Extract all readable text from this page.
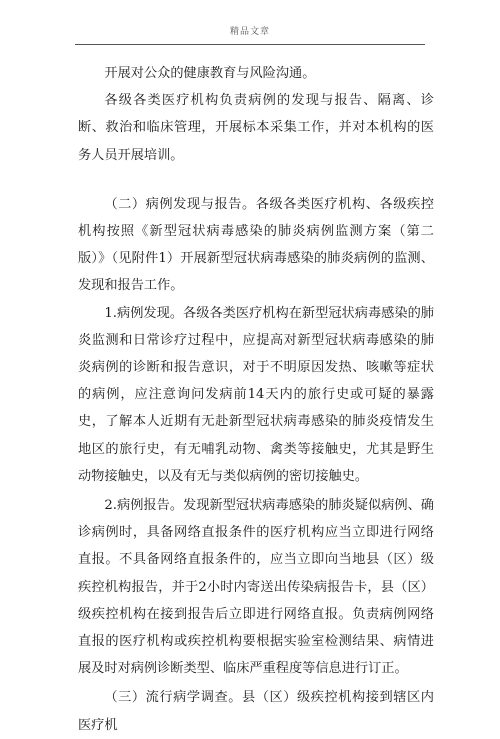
精品文章

开展对公众的健康教育与风险沟通。

各级各类医疗机构负责病例的发现与报告、隔离、诊断、救治和临床管理，开展标本采集工作，并对本机构的医务人员开展培训。

（二）病例发现与报告。各级各类医疗机构、各级疾控机构按照《新型冠状病毒感染的肺炎病例监测方案（第二版）》（见附件1）开展新型冠状病毒感染的肺炎病例的监测、发现和报告工作。

1.病例发现。各级各类医疗机构在新型冠状病毒感染的肺炎监测和日常诊疗过程中，应提高对新型冠状病毒感染的肺炎病例的诊断和报告意识，对于不明原因发热、咳嗽等症状的病例，应注意询问发病前14天内的旅行史或可疑的暴露史，了解本人近期有无赴新型冠状病毒感染的肺炎疫情发生地区的旅行史，有无哺乳动物、禽类等接触史，尤其是野生动物接触史，以及有无与类似病例的密切接触史。

2.病例报告。发现新型冠状病毒感染的肺炎疑似病例、确诊病例时，具备网络直报条件的医疗机构应当立即进行网络直报。不具备网络直报条件的，应当立即向当地县（区）级疾控机构报告，并于2小时内寄送出传染病报告卡，县（区）级疾控机构在接到报告后立即进行网络直报。负责病例网络直报的医疗机构或疾控机构要根据实验室检测结果、病情进展及时对病例诊断类型、临床严重程度等信息进行订正。

（三）流行病学调查。县（区）级疾控机构接到辖区内医疗机
